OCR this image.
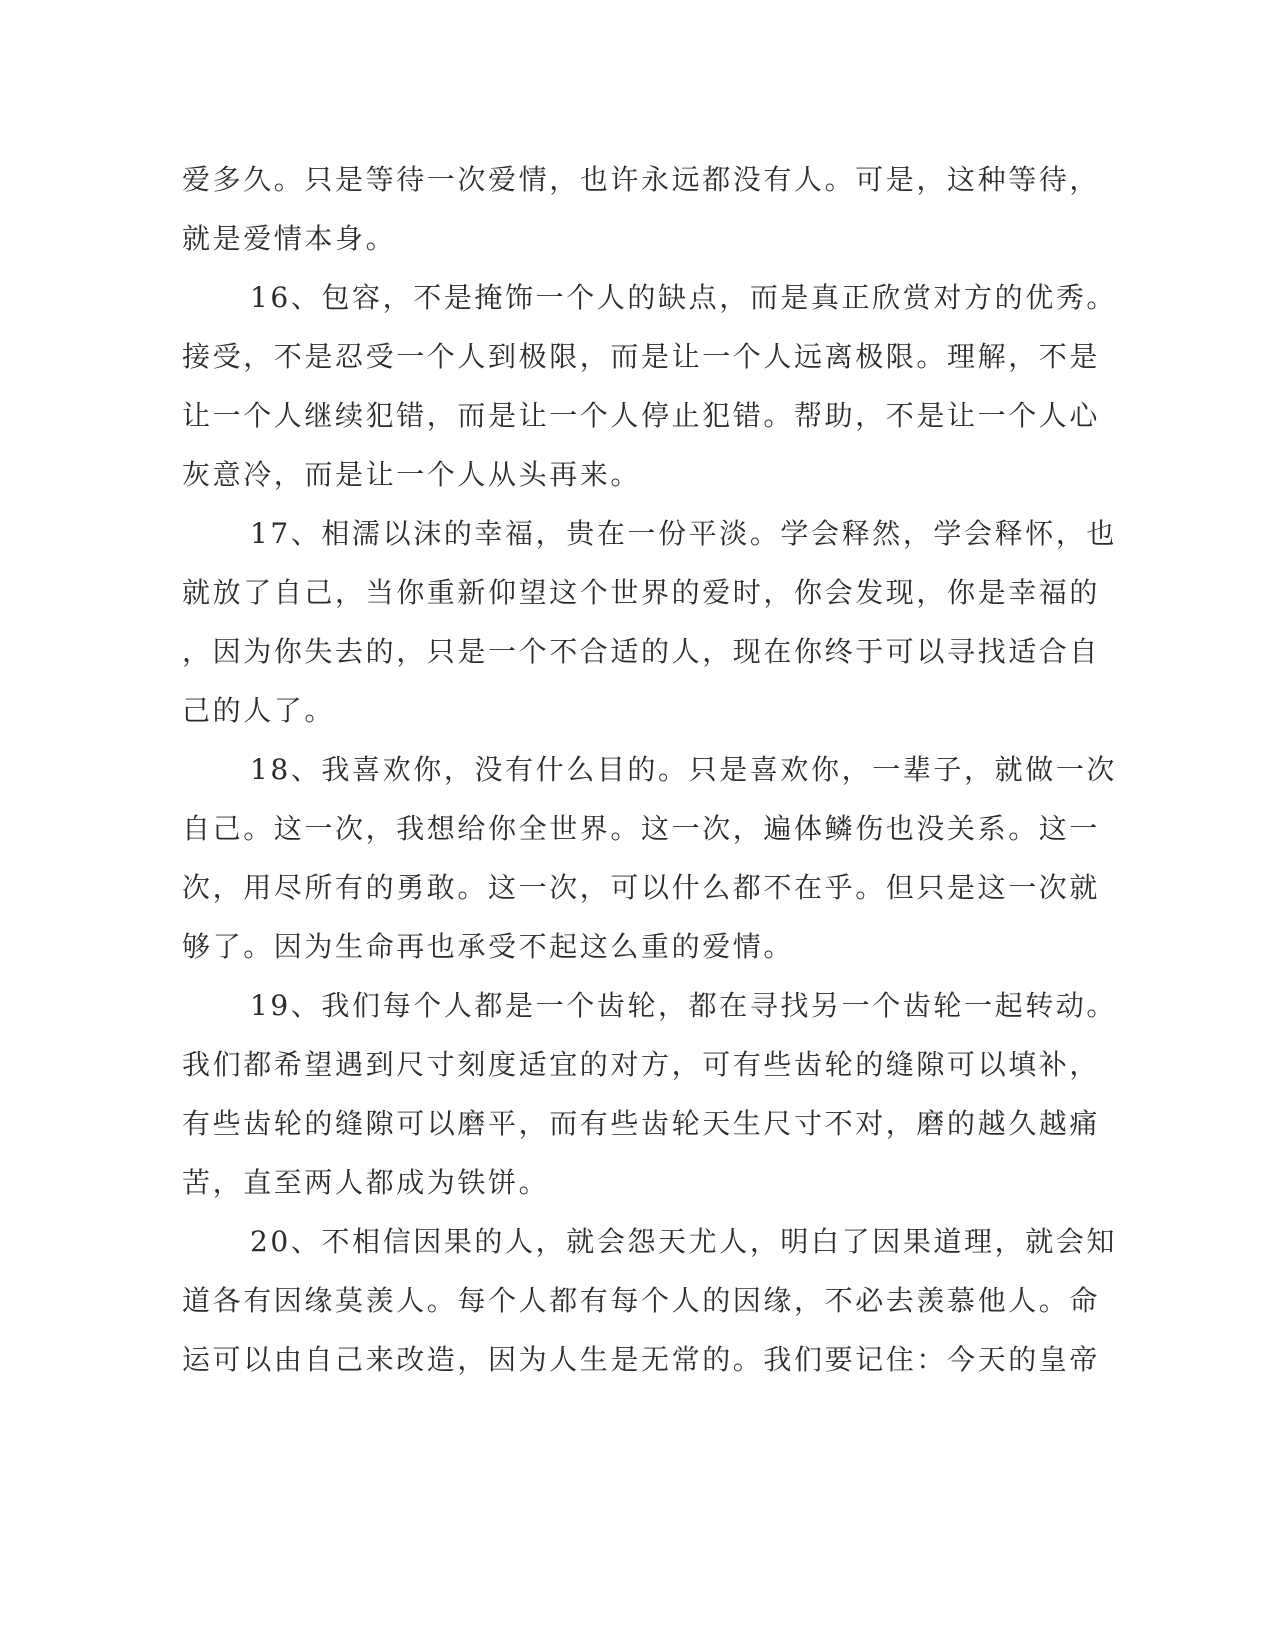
爱多久。只是等待一次爱情，也许永远都没有人。可是，这种等待，

就是爱情本身。

16、包容，不是掩饰一个人的缺点，而是真正欣赏对方的优秀。

接受，不是忍受一个人到极限，而是让一个人远离极限。理解，不是

让一个人继续犯错，而是让一个人停止犯错。帮助，不是让一个人心

灰意冷，而是让一个人从头再来。

17、相濡以沫的幸福，贵在一份平淡。学会释然，学会释怀，也

就放了自己，当你重新仰望这个世界的爱时，你会发现，你是幸福的

，因为你失去的，只是一个不合适的人，现在你终于可以寻找适合自

己的人了。

18、我喜欢你，没有什么目的。只是喜欢你，一辈子，就做一次

自己。这一次，我想给你全世界。这一次，遍体鳞伤也没关系。这一

次，用尽所有的勇敢。这一次，可以什么都不在乎。但只是这一次就

够了。因为生命再也承受不起这么重的爱情。

19、我们每个人都是一个齿轮，都在寻找另一个齿轮一起转动。

我们都希望遇到尺寸刻度适宜的对方，可有些齿轮的缝隙可以填补，

有些齿轮的缝隙可以磨平，而有些齿轮天生尺寸不对，磨的越久越痛

苦，直至两人都成为铁饼。

20、不相信因果的人，就会怨天尤人，明白了因果道理，就会知

道各有因缘莫羡人。每个人都有每个人的因缘，不必去羡慕他人。命

运可以由自己来改造，因为人生是无常的。我们要记住：今天的皇帝
